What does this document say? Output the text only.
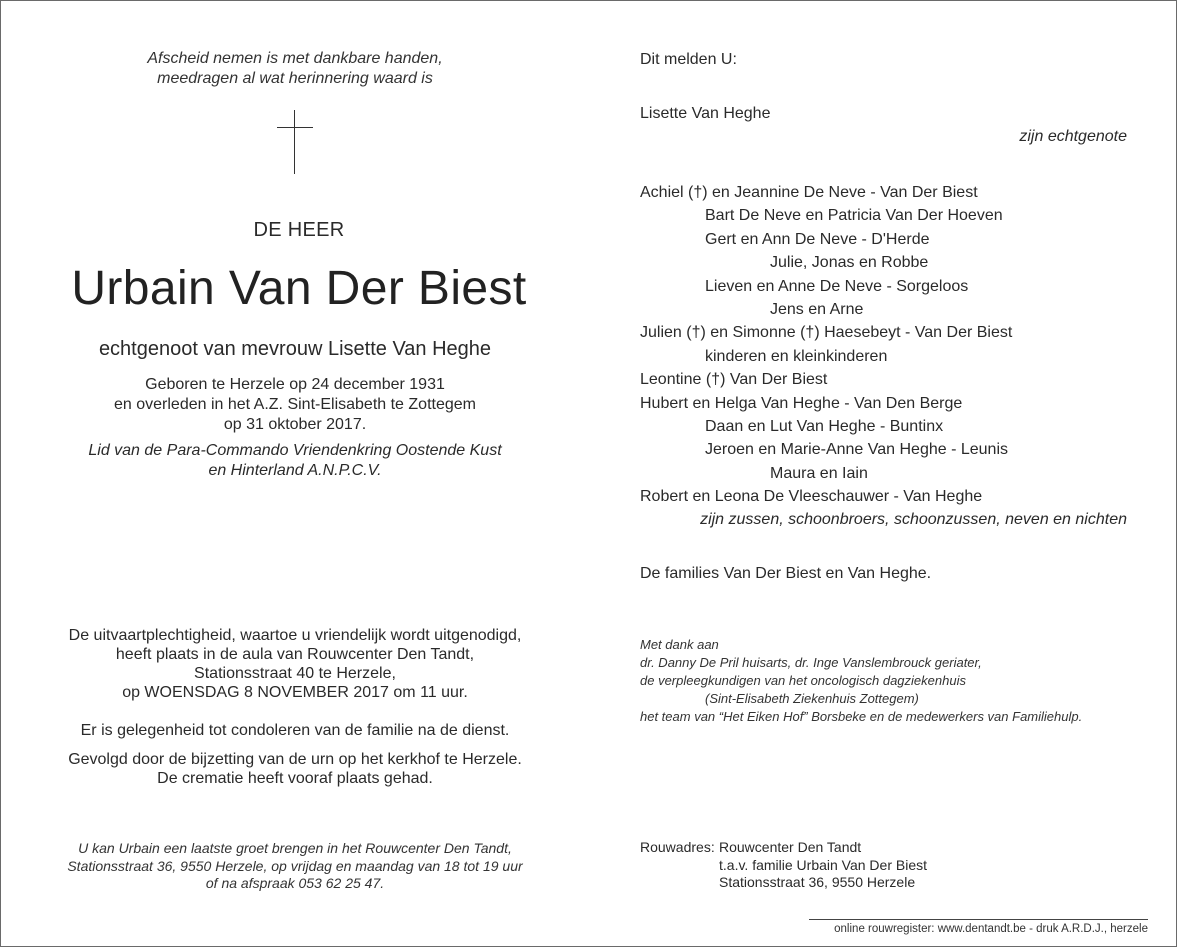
Afscheid nemen is met dankbare handen,
meedragen al wat herinnering waard is
DE HEER
Urbain Van Der Biest
echtgenoot van mevrouw Lisette Van Heghe
Geboren te Herzele op 24 december 1931
en overleden in het A.Z. Sint-Elisabeth te Zottegem
op 31 oktober 2017.
Lid van de Para-Commando Vriendenkring Oostende Kust
en Hinterland A.N.P.C.V.
De uitvaartplechtigheid, waartoe u vriendelijk wordt uitgenodigd,
heeft plaats in de aula van Rouwcenter Den Tandt,
Stationsstraat 40 te Herzele,
op WOENSDAG 8 NOVEMBER 2017 om 11 uur.
Er is gelegenheid tot condoleren van de familie na de dienst.
Gevolgd door de bijzetting van de urn op het kerkhof te Herzele.
De crematie heeft vooraf plaats gehad.
U kan Urbain een laatste groet brengen in het Rouwcenter Den Tandt,
Stationsstraat 36, 9550 Herzele, op vrijdag en maandag van 18 tot 19 uur
of na afspraak 053 62 25 47.
Dit melden U:
Lisette Van Heghe
zijn echtgenote
Achiel (†) en Jeannine De Neve - Van Der Biest
Bart De Neve en Patricia Van Der Hoeven
Gert en Ann De Neve - D'Herde
Julie, Jonas en Robbe
Lieven en Anne De Neve - Sorgeloos
Jens en Arne
Julien (†) en Simonne (†) Haesebeyt - Van Der Biest
kinderen en kleinkinderen
Leontine (†) Van Der Biest
Hubert en Helga Van Heghe - Van Den Berge
Daan en Lut Van Heghe - Buntinx
Jeroen en Marie-Anne Van Heghe - Leunis
Maura en Iain
Robert en Leona De Vleeschauwer - Van Heghe
zijn zussen, schoonbroers, schoonzussen, neven en nichten
De families Van Der Biest en Van Heghe.
Met dank aan
dr. Danny De Pril huisarts, dr. Inge Vanslembrouck geriater,
de verpleegkundigen van het oncologisch dagziekenhuis
(Sint-Elisabeth Ziekenhuis Zottegem)
het team van “Het Eiken Hof” Borsbeke en de medewerkers van Familiehulp.
Rouwadres: Rouwcenter Den Tandt
t.a.v. familie Urbain Van Der Biest
Stationsstraat 36, 9550 Herzele
online rouwregister: www.dentandt.be - druk A.R.D.J., herzele
